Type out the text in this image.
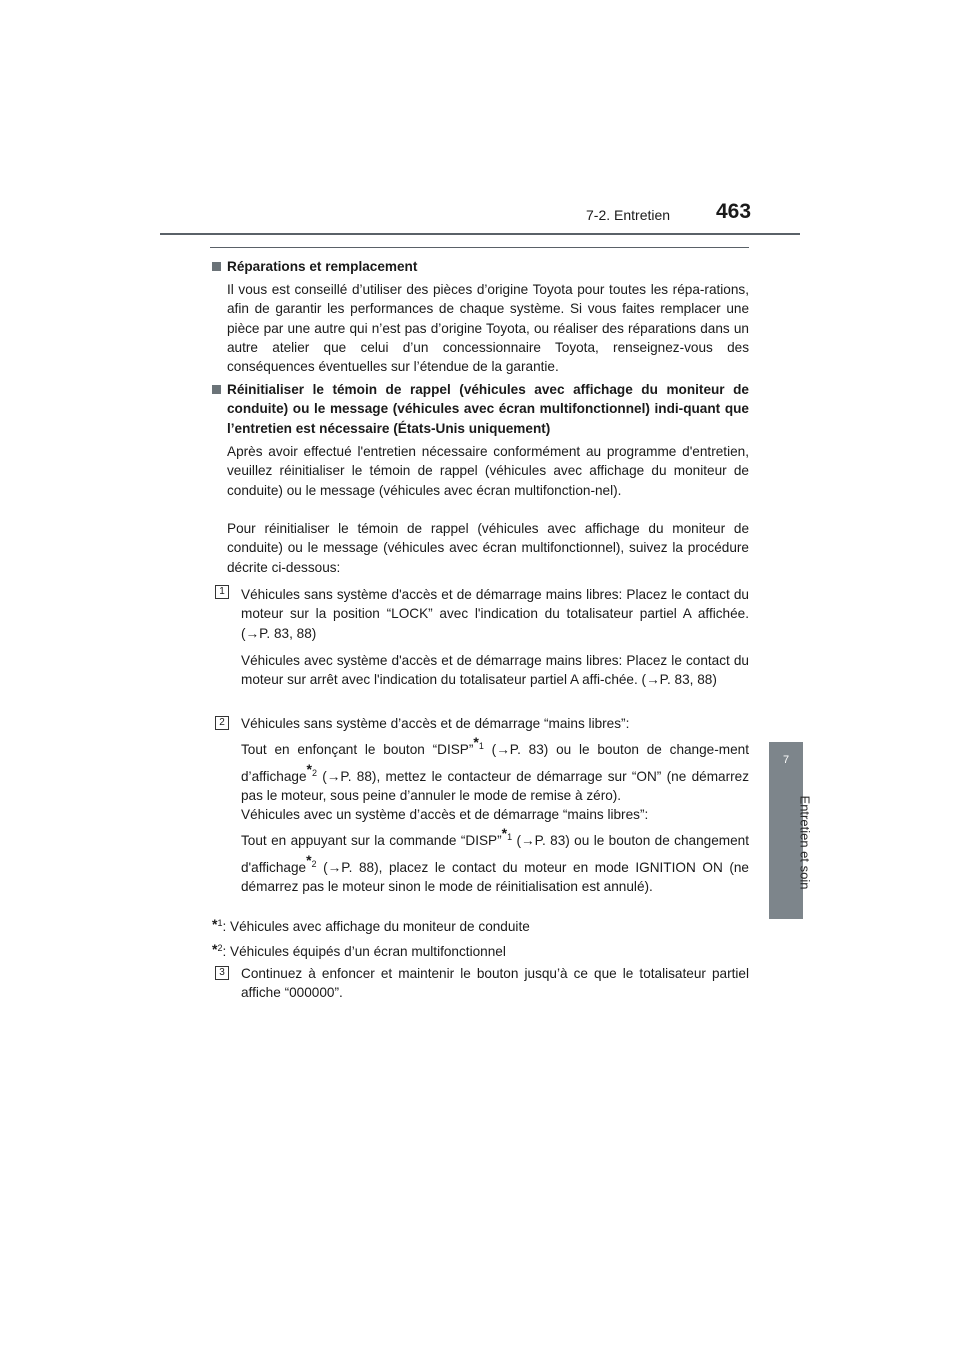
7-2. Entretien 463
7
Entretien et soin
Réparations et remplacement
Il vous est conseillé d’utiliser des pièces d’origine Toyota pour toutes les répa-rations, afin de garantir les performances de chaque système. Si vous faites remplacer une pièce par une autre qui n’est pas d’origine Toyota, ou réaliser des réparations dans un autre atelier que celui d’un concessionnaire Toyota, renseignez-vous des conséquences éventuelles sur l’étendue de la garantie.
Réinitialiser le témoin de rappel (véhicules avec affichage du moniteur de conduite) ou le message (véhicules avec écran multifonctionnel) indi-quant que l’entretien est nécessaire (États-Unis uniquement)
Après avoir effectué l'entretien nécessaire conformément au programme d'entretien, veuillez réinitialiser le témoin de rappel (véhicules avec affichage du moniteur de conduite) ou le message (véhicules avec écran multifonction-nel).
Pour réinitialiser le témoin de rappel (véhicules avec affichage du moniteur de conduite) ou le message (véhicules avec écran multifonctionnel), suivez la procédure décrite ci-dessous:
1	Véhicules sans système d'accès et de démarrage mains libres: Placez le contact du moteur sur la position “LOCK” avec l'indication du totalisateur partiel A affichée. (→P. 83, 88)
Véhicules avec système d'accès et de démarrage mains libres: Placez le contact du moteur sur arrêt avec l'indication du totalisateur partiel A affi-chée. (→P. 83, 88)
2	Véhicules sans système d’accès et de démarrage “mains libres”:
Tout en enfonçant le bouton “DISP”$^{*1}$ (→P. 83) ou le bouton de change-ment d’affichage$^{*2}$ (→P. 88), mettez le contacteur de démarrage sur “ON” (ne démarrez pas le moteur, sous peine d’annuler le mode de remise à zéro).
Véhicules avec un système d’accès et de démarrage “mains libres”:
Tout en appuyant sur la commande “DISP”$^{*1}$ (→P. 83) ou le bouton de changement d'affichage$^{*2}$ (→P. 88), placez le contact du moteur en mode IGNITION ON (ne démarrez pas le moteur sinon le mode de réinitialisation est annulé).
*$^1$: Véhicules avec affichage du moniteur de conduite
*$^2$: Véhicules équipés d’un écran multifonctionnel
3	Continuez à enfoncer et maintenir le bouton jusqu’à ce que le totalisateur partiel affiche “000000”.
